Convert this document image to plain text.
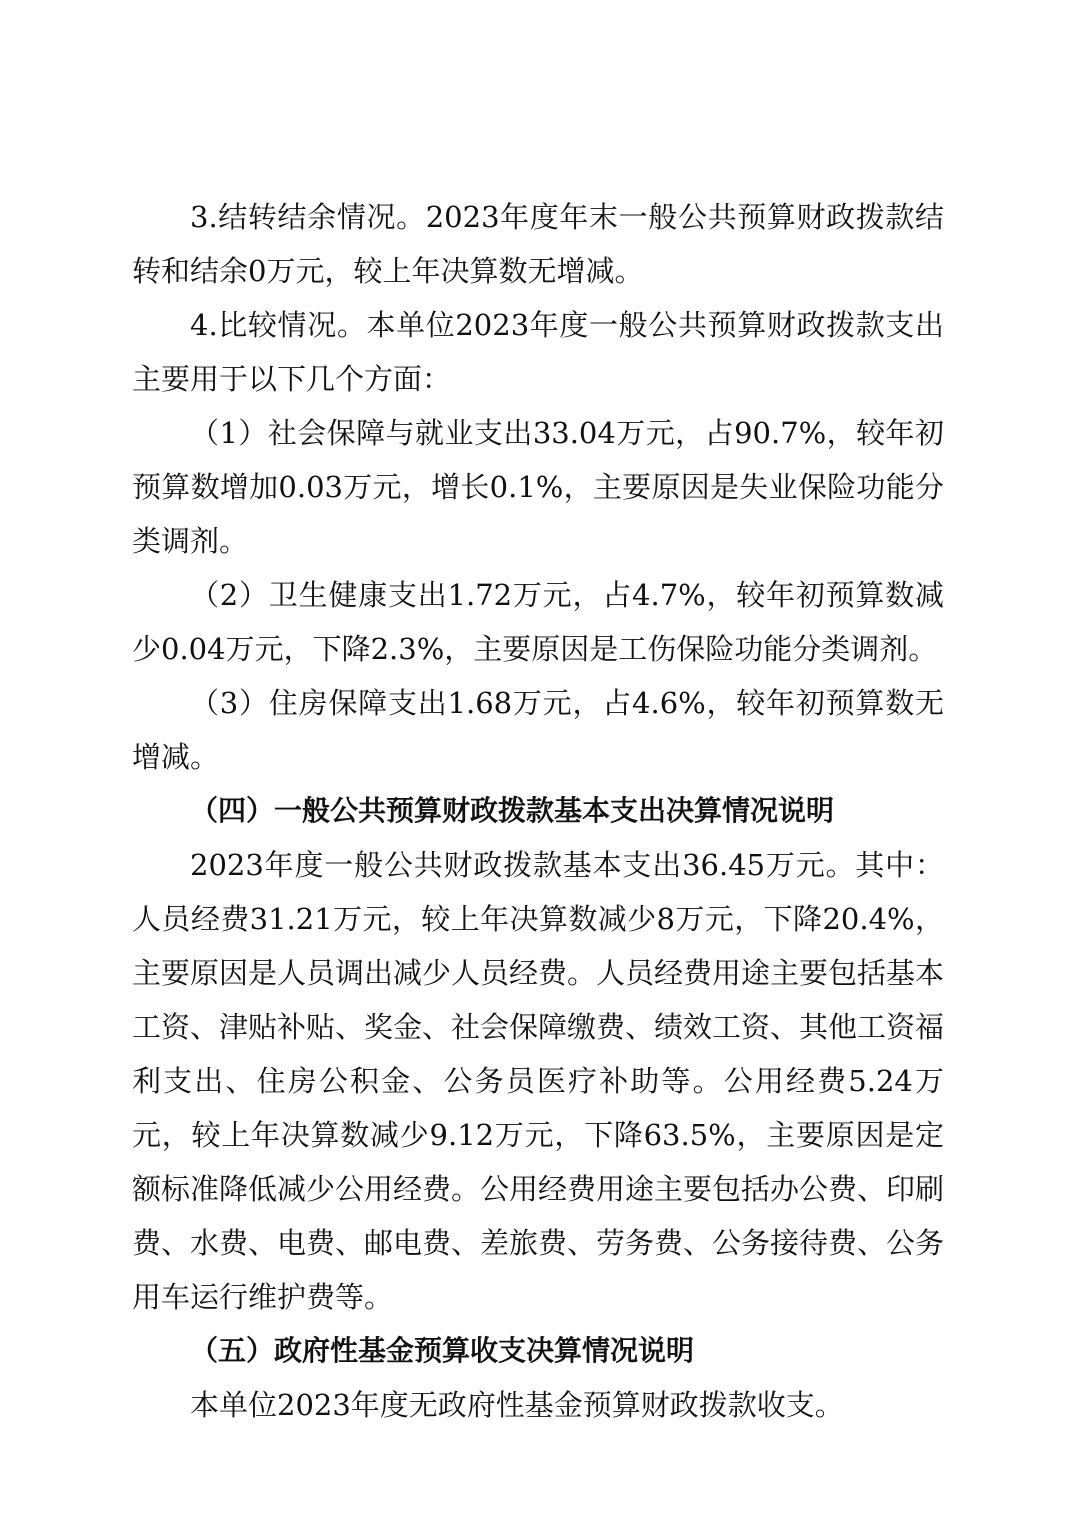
3.结转结余情况。2023年度年末一般公共预算财政拨款结转和结余0万元，较上年决算数无增减。

4.比较情况。本单位2023年度一般公共预算财政拨款支出主要用于以下几个方面：

（1）社会保障与就业支出33.04万元，占90.7%，较年初预算数增加0.03万元，增长0.1%，主要原因是失业保险功能分类调剂。

（2）卫生健康支出1.72万元，占4.7%，较年初预算数减少0.04万元，下降2.3%，主要原因是工伤保险功能分类调剂。

（3）住房保障支出1.68万元，占4.6%，较年初预算数无增减。

（四）一般公共预算财政拨款基本支出决算情况说明

2023年度一般公共财政拨款基本支出36.45万元。其中：人员经费31.21万元，较上年决算数减少8万元，下降20.4%，主要原因是人员调出减少人员经费。人员经费用途主要包括基本工资、津贴补贴、奖金、社会保障缴费、绩效工资、其他工资福利支出、住房公积金、公务员医疗补助等。公用经费5.24万元，较上年决算数减少9.12万元，下降63.5%，主要原因是定额标准降低减少公用经费。公用经费用途主要包括办公费、印刷费、水费、电费、邮电费、差旅费、劳务费、公务接待费、公务用车运行维护费等。

（五）政府性基金预算收支决算情况说明

本单位2023年度无政府性基金预算财政拨款收支。
